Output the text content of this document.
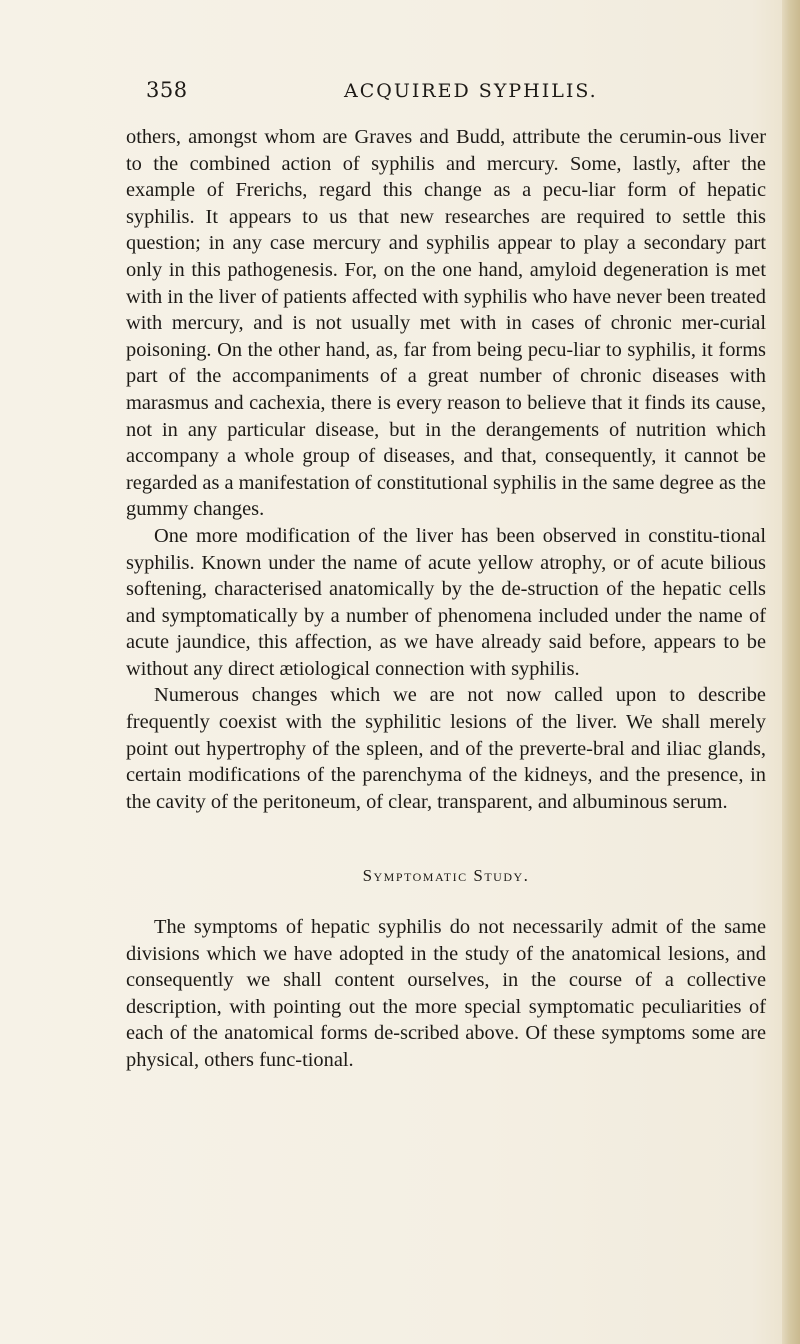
358	ACQUIRED SYPHILIS.

others, amongst whom are Graves and Budd, attribute the cerumin-ous liver to the combined action of syphilis and mercury. Some, lastly, after the example of Frerichs, regard this change as a pecu-liar form of hepatic syphilis. It appears to us that new researches are required to settle this question; in any case mercury and syphilis appear to play a secondary part only in this pathogenesis. For, on the one hand, amyloid degeneration is met with in the liver of patients affected with syphilis who have never been treated with mercury, and is not usually met with in cases of chronic mer-curial poisoning. On the other hand, as, far from being pecu-liar to syphilis, it forms part of the accompaniments of a great number of chronic diseases with marasmus and cachexia, there is every reason to believe that it finds its cause, not in any particular disease, but in the derangements of nutrition which accompany a whole group of diseases, and that, consequently, it cannot be regarded as a manifestation of constitutional syphilis in the same degree as the gummy changes.

One more modification of the liver has been observed in constitu-tional syphilis. Known under the name of acute yellow atrophy, or of acute bilious softening, characterised anatomically by the de-struction of the hepatic cells and symptomatically by a number of phenomena included under the name of acute jaundice, this affection, as we have already said before, appears to be without any direct ætiological connection with syphilis.

Numerous changes which we are not now called upon to describe frequently coexist with the syphilitic lesions of the liver. We shall merely point out hypertrophy of the spleen, and of the preverte-bral and iliac glands, certain modifications of the parenchyma of the kidneys, and the presence, in the cavity of the peritoneum, of clear, transparent, and albuminous serum.

Symptomatic Study.

The symptoms of hepatic syphilis do not necessarily admit of the same divisions which we have adopted in the study of the anatomical lesions, and consequently we shall content ourselves, in the course of a collective description, with pointing out the more special symptomatic peculiarities of each of the anatomical forms de-scribed above. Of these symptoms some are physical, others func-tional.
